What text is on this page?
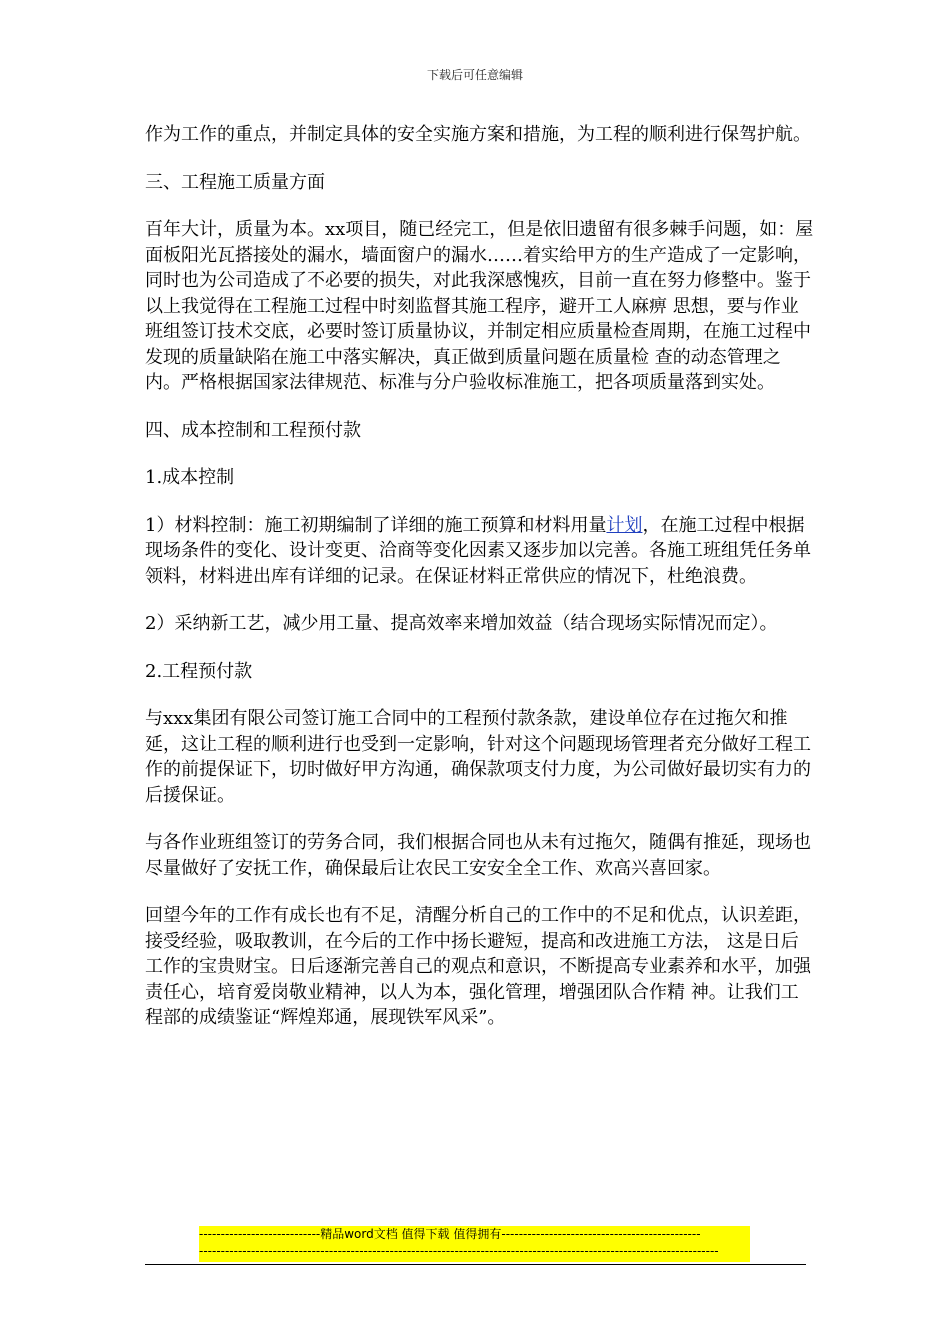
下载后可任意编辑

作为工作的重点，并制定具体的安全实施方案和措施，为工程的顺利进行保驾护航。

三、工程施工质量方面

百年大计，质量为本。xx项目，随已经完工，但是依旧遗留有很多棘手问题，如：屋面板阳光瓦搭接处的漏水，墙面窗户的漏水……着实给甲方的生产造成了一定影响，同时也为公司造成了不必要的损失，对此我深感愧疚，目前一直在努力修整中。鉴于以上我觉得在工程施工过程中时刻监督其施工程序，避开工人麻痹 思想，要与作业班组签订技术交底，必要时签订质量协议，并制定相应质量检查周期，在施工过程中发现的质量缺陷在施工中落实解决，真正做到质量问题在质量检 查的动态管理之内。严格根据国家法律规范、标准与分户验收标准施工，把各项质量落到实处。

四、成本控制和工程预付款

1.成本控制

1）材料控制：施工初期编制了详细的施工预算和材料用量计划，在施工过程中根据现场条件的变化、设计变更、洽商等变化因素又逐步加以完善。各施工班组凭任务单领料，材料进出库有详细的记录。在保证材料正常供应的情况下，杜绝浪费。

2）采纳新工艺，减少用工量、提高效率来增加效益（结合现场实际情况而定）。

2.工程预付款

与xxx集团有限公司签订施工合同中的工程预付款条款，建设单位存在过拖欠和推延，这让工程的顺利进行也受到一定影响，针对这个问题现场管理者充分做好工程工作的前提保证下，切时做好甲方沟通，确保款项支付力度，为公司做好最切实有力的后援保证。

与各作业班组签订的劳务合同，我们根据合同也从未有过拖欠，随偶有推延，现场也尽量做好了安抚工作，确保最后让农民工安安全全工作、欢高兴喜回家。

回望今年的工作有成长也有不足，清醒分析自己的工作中的不足和优点，认识差距，接受经验，吸取教训，在今后的工作中扬长避短，提高和改进施工方法， 这是日后工作的宝贵财宝。日后逐渐完善自己的观点和意识，不断提高专业素养和水平，加强责任心，培育爱岗敬业精神，以人为本，强化管理，增强团队合作精 神。让我们工程部的成绩鉴证“辉煌郑通，展现铁军风采”。

----------------------------精品word文档 值得下载 值得拥有----------------------------------------------
------------------------------------------------------------------------------------------------------------------------
